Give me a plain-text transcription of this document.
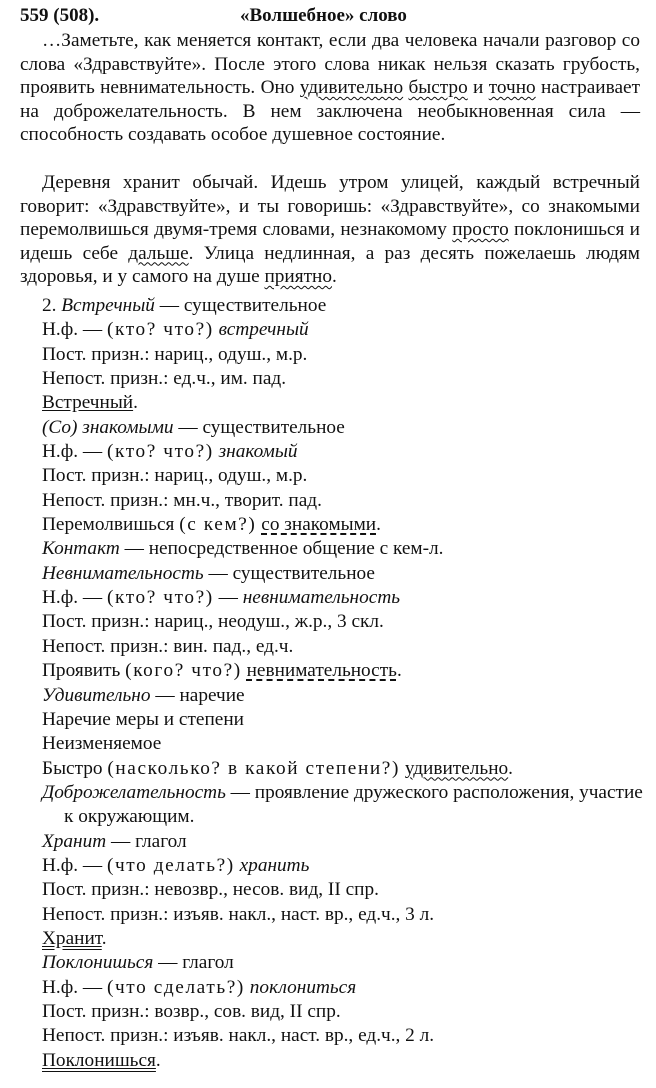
559 (508).	«Волшебное» слово

…Заметьте, как меняется контакт, если два человека начали разговор со слова «Здравствуйте». После этого слова никак нельзя сказать грубость, проявить невнимательность. Оно удивительно быстро и точно настраивает на доброжелательность. В нем заключена необыкновенная сила — способность создавать особое душевное состояние.

Деревня хранит обычай. Идешь утром улицей, каждый встречный говорит: «Здравствуйте», и ты говоришь: «Здравствуйте», со знакомыми перемолвишься двумя-тремя словами, незнакомому просто поклонишься и идешь себе дальше. Улица недлинная, а раз десять пожелаешь людям здоровья, и у самого на душе приятно.

2. Встречный — существительное
Н.ф. — (кто? что?) встречный
Пост. призн.: нариц., одуш., м.р.
Непост. призн.: ед.ч., им. пад.
Встречный.
(Со) знакомыми — существительное
Н.ф. — (кто? что?) знакомый
Пост. призн.: нариц., одуш., м.р.
Непост. призн.: мн.ч., творит. пад.
Перемолвишься (с кем?) со знакомыми.
Контакт — непосредственное общение с кем-л.
Невнимательность — существительное
Н.ф. — (кто? что?) — невнимательность
Пост. призн.: нариц., неодуш., ж.р., 3 скл.
Непост. призн.: вин. пад., ед.ч.
Проявить (кого? что?) невнимательность.
Удивительно — наречие
Наречие меры и степени
Неизменяемое
Быстро (насколько? в какой степени?) удивительно.
Доброжелательность — проявление дружеского расположения, участие к окружающим.
Хранит — глагол
Н.ф. — (что делать?) хранить
Пост. призн.: невозвр., несов. вид, II спр.
Непост. призн.: изъяв. накл., наст. вр., ед.ч., 3 л.
Хранит.
Поклонишься — глагол
Н.ф. — (что сделать?) поклониться
Пост. призн.: возвр., сов. вид, II спр.
Непост. призн.: изъяв. накл., наст. вр., ед.ч., 2 л.
Поклонишься.
